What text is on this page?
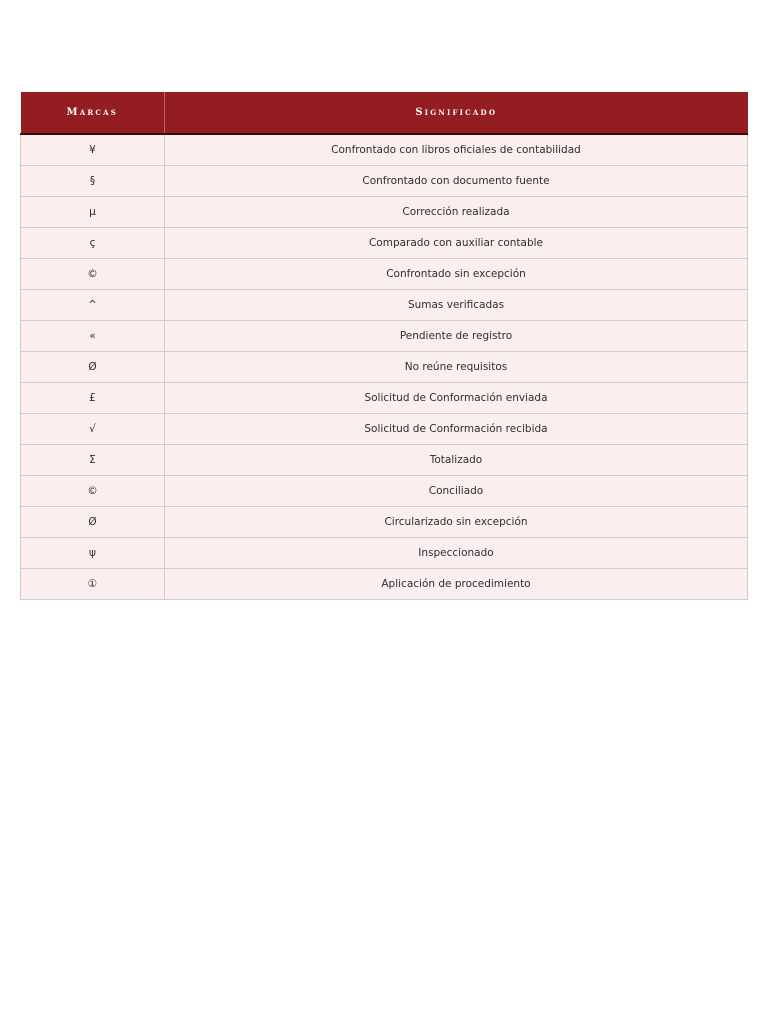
Marcas	Significado
¥	Confrontado con libros oficiales de contabilidad
§	Confrontado con documento fuente
µ	Corrección realizada
ç	Comparado con auxiliar contable
©	Confrontado sin excepción
^	Sumas verificadas
«	Pendiente de registro
Ø	No reúne requisitos
£	Solicitud de Conformación enviada
√	Solicitud de Conformación recibida
Σ	Totalizado
©	Conciliado
Ø	Circularizado sin excepción
ψ	Inspeccionado
①	Aplicación de procedimiento
